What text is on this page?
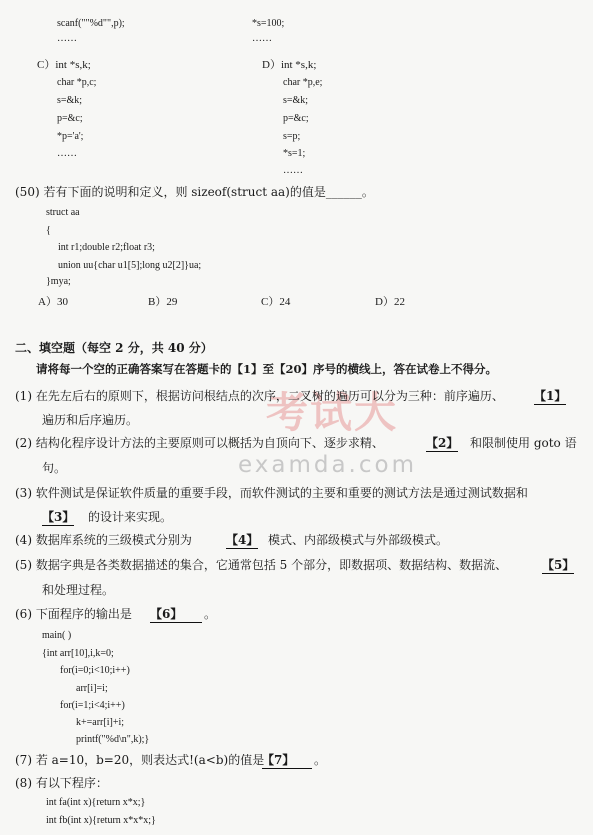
考试大
examda.com
scanf(""%d"",p);
……
*s=100;
……
C）int *s,k;
char *p,c;
s=&k;
p=&c;
*p='a';
……
D）int *s,k;
char *p,e;
s=&k;
p=&c;
s=p;
*s=1;
……
(50) 若有下面的说明和定义，则 sizeof(struct aa)的值是______。
struct aa
{
int r1;double r2;float r3;
union uu{char u1[5];long u2[2]}ua;
}mya;
A）30	B）29	C）24	D）22
二、填空题（每空 2 分，共 40 分）
请将每一个空的正确答案写在答题卡的【1】至【20】序号的横线上，答在试卷上不得分。
(1) 在先左后右的原则下，根据访问根结点的次序，二叉树的遍历可以分为三种：前序遍历、	【1】
遍历和后序遍历。
(2) 结构化程序设计方法的主要原则可以概括为自顶向下、逐步求精、	【2】 和限制使用 goto 语
句。
(3) 软件测试是保证软件质量的重要手段，而软件测试的主要和重要的测试方法是通过测试数据和
【3】 的设计来实现。
(4) 数据库系统的三级模式分别为	【4】 模式、内部级模式与外部级模式。
(5) 数据字典是各类数据描述的集合，它通常包括 5 个部分，即数据项、数据结构、数据流、	【5】
和处理过程。
(6) 下面程序的输出是 【6】	。
main( )
{int arr[10],i,k=0;
for(i=0;i<10;i++)
arr[i]=i;
for(i=1;i<4;i++)
k+=arr[i]+i;
printf("%d\n",k);}
(7) 若 a=10，b=20，则表达式!(a<b)的值是
【7】	。
(8) 有以下程序：
int fa(int x){return x*x;}
int fb(int x){return x*x*x;}
